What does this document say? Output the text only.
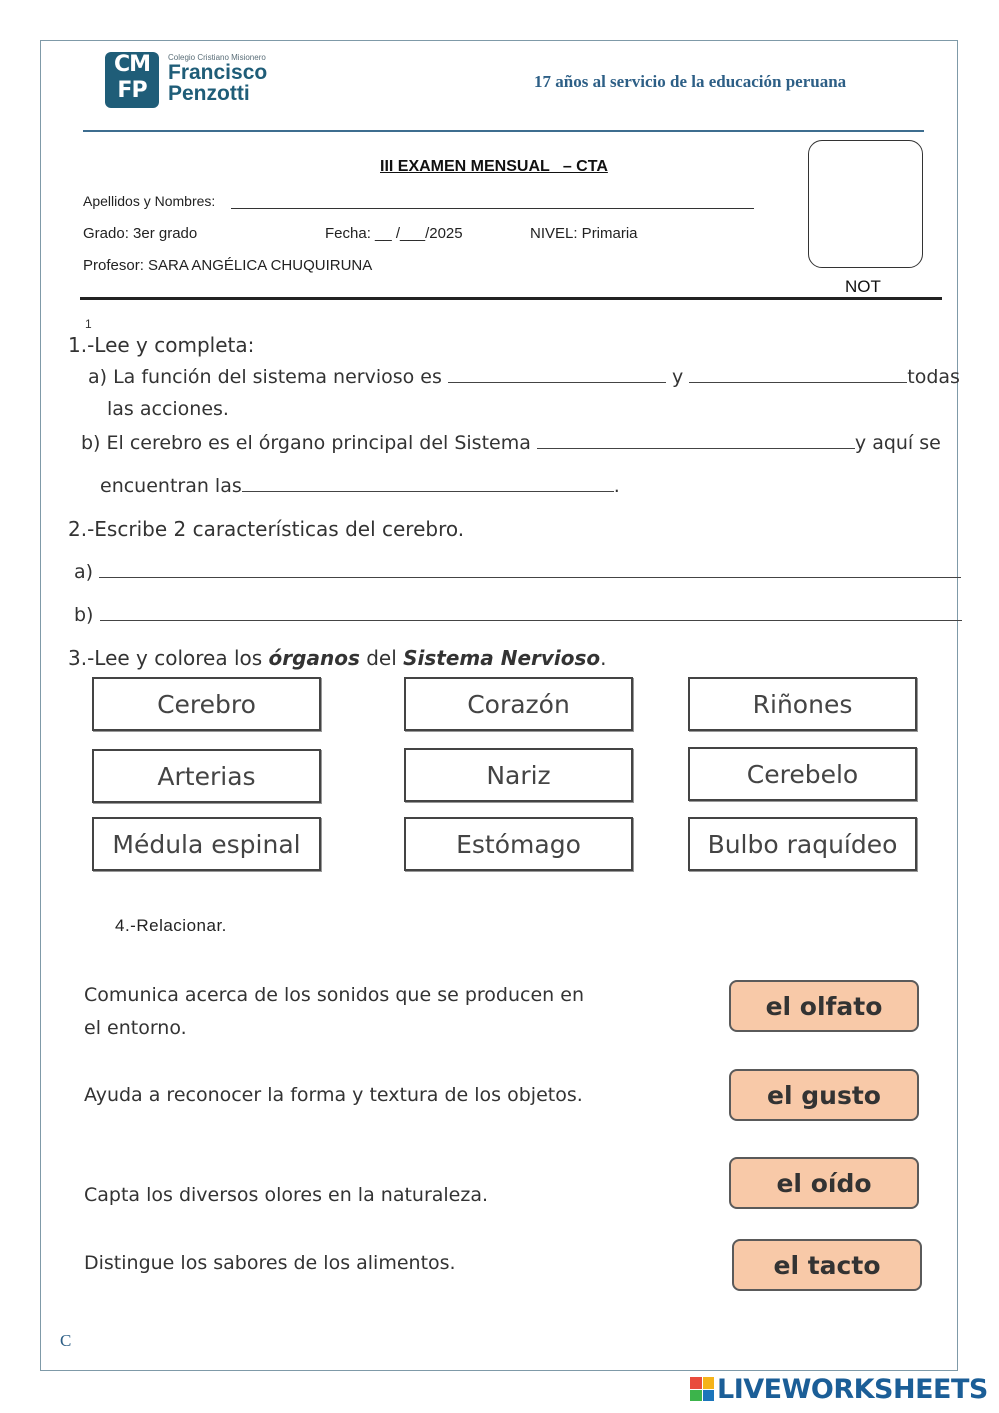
CM
FP
Colegio Cristiano Misionero
Francisco
Penzotti
17 años al servicio de la educación peruana
III EXAMEN MENSUAL   – CTA
Apellidos y Nombres:
Grado: 3er grado	Fecha: __ /___/2025	NIVEL: Primaria
Profesor: SARA ANGÉLICA CHUQUIRUNA
NOT
1
1.-Lee y completa:
a) La función del sistema nervioso es	y	todas
las acciones.
b) El cerebro es el órgano principal del Sistema	y aquí se
encuentran las	.
2.-Escribe 2 características del cerebro.
a)
b)
3.-Lee y colorea los órganos del Sistema Nervioso.
Cerebro	Corazón	Riñones
Arterias	Nariz	Cerebelo
Médula espinal	Estómago	Bulbo raquídeo
4.-Relacionar.
Comunica acerca de los sonidos que se producen en el entorno.
Ayuda a reconocer la forma y textura de los objetos.
Capta los diversos olores en la naturaleza.
Distingue los sabores de los alimentos.
el olfato
el gusto
el oído
el tacto
C
LIVEWORKSHEETS
